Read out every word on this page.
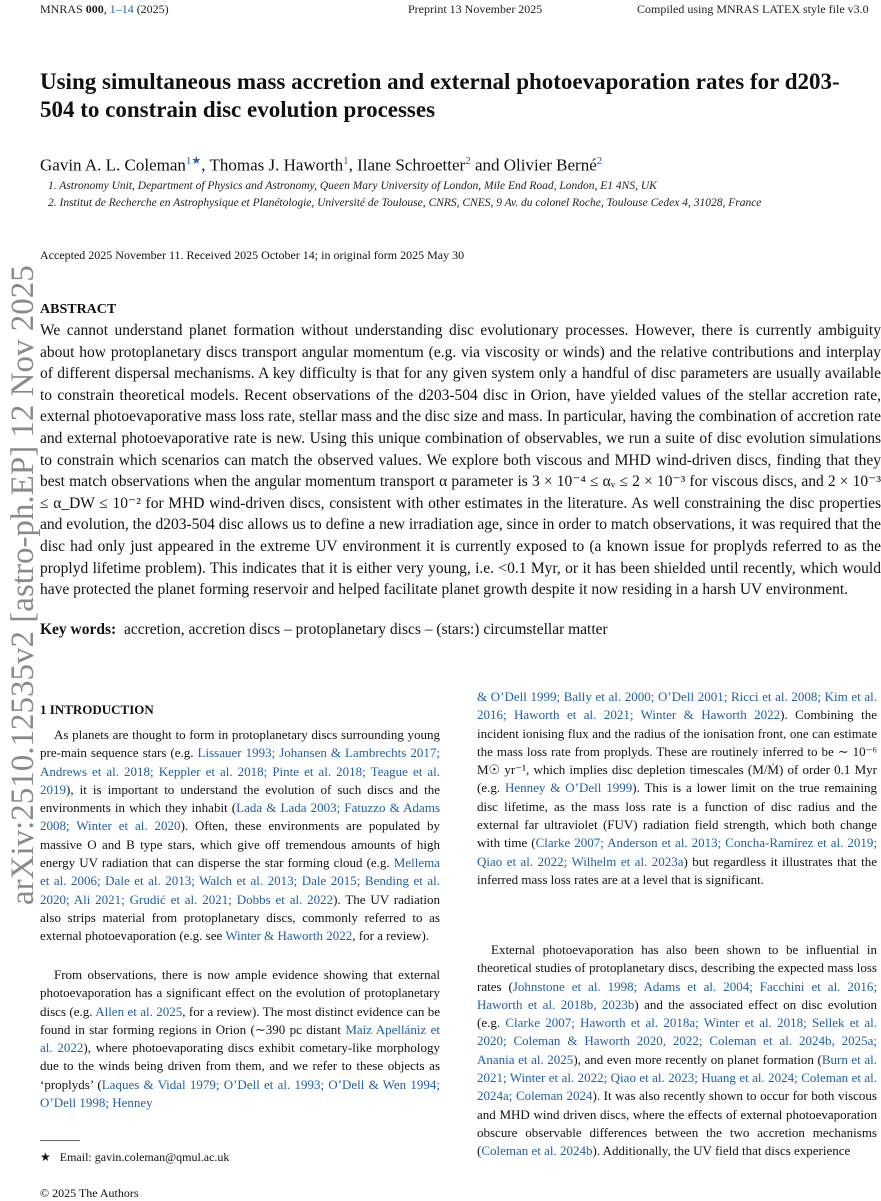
MNRAS 000, 1–14 (2025)	Preprint 13 November 2025	Compiled using MNRAS LATEX style file v3.0
arXiv:2510.12535v2 [astro-ph.EP] 12 Nov 2025
Using simultaneous mass accretion and external photoevaporation rates for d203-504 to constrain disc evolution processes
Gavin A. L. Coleman$^{1★}$, Thomas J. Haworth$^1$, Ilane Schroetter$^2$ and Olivier Berné$^2$
1. Astronomy Unit, Department of Physics and Astronomy, Queen Mary University of London, Mile End Road, London, E1 4NS, UK
2. Institut de Recherche en Astrophysique et Planétologie, Université de Toulouse, CNRS, CNES, 9 Av. du colonel Roche, Toulouse Cedex 4, 31028, France
Accepted 2025 November 11. Received 2025 October 14; in original form 2025 May 30
ABSTRACT

We cannot understand planet formation without understanding disc evolutionary processes. However, there is currently ambiguity about how protoplanetary discs transport angular momentum (e.g. via viscosity or winds) and the relative contributions and interplay of different dispersal mechanisms. A key difficulty is that for any given system only a handful of disc parameters are usually available to constrain theoretical models. Recent observations of the d203-504 disc in Orion, have yielded values of the stellar accretion rate, external photoevaporative mass loss rate, stellar mass and the disc size and mass. In particular, having the combination of accretion rate and external photoevaporative rate is new. Using this unique combination of observables, we run a suite of disc evolution simulations to constrain which scenarios can match the observed values. We explore both viscous and MHD wind-driven discs, finding that they best match observations when the angular momentum transport α parameter is 3 × 10⁻⁴ ≤ αᵥ ≤ 2 × 10⁻³ for viscous discs, and 2 × 10⁻³ ≤ α_DW ≤ 10⁻² for MHD wind-driven discs, consistent with other estimates in the literature. As well constraining the disc properties and evolution, the d203-504 disc allows us to define a new irradiation age, since in order to match observations, it was required that the disc had only just appeared in the extreme UV environment it is currently exposed to (a known issue for proplyds referred to as the proplyd lifetime problem). This indicates that it is either very young, i.e. <0.1 Myr, or it has been shielded until recently, which would have protected the planet forming reservoir and helped facilitate planet growth despite it now residing in a harsh UV environment.

Key words: accretion, accretion discs – protoplanetary discs – (stars:) circumstellar matter
1 INTRODUCTION

As planets are thought to form in protoplanetary discs surrounding young pre-main sequence stars (e.g. Lissauer 1993; Johansen & Lambrechts 2017; Andrews et al. 2018; Keppler et al. 2018; Pinte et al. 2018; Teague et al. 2019), it is important to understand the evolution of such discs and the environments in which they inhabit (Lada & Lada 2003; Fatuzzo & Adams 2008; Winter et al. 2020). Often, these environments are populated by massive O and B type stars, which give off tremendous amounts of high energy UV radiation that can disperse the star forming cloud (e.g. Mellema et al. 2006; Dale et al. 2013; Walch et al. 2013; Dale 2015; Bending et al. 2020; Ali 2021; Grudić et al. 2021; Dobbs et al. 2022). The UV radiation also strips material from protoplanetary discs, commonly referred to as external photoevaporation (e.g. see Winter & Haworth 2022, for a review).

From observations, there is now ample evidence showing that external photoevaporation has a significant effect on the evolution of protoplanetary discs (e.g. Allen et al. 2025, for a review). The most distinct evidence can be found in star forming regions in Orion (∼390 pc distant Maíz Apellániz et al. 2022), where photoevaporating discs exhibit cometary-like morphology due to the winds being driven from them, and we refer to these objects as ‘proplyds’ (Laques & Vidal 1979; O’Dell et al. 1993; O’Dell & Wen 1994; O’Dell 1998; Henney

& O’Dell 1999; Bally et al. 2000; O’Dell 2001; Ricci et al. 2008; Kim et al. 2016; Haworth et al. 2021; Winter & Haworth 2022). Combining the incident ionising flux and the radius of the ionisation front, one can estimate the mass loss rate from proplyds. These are routinely inferred to be ∼ 10⁻⁶ M☉ yr⁻¹, which implies disc depletion timescales (M/Ṁ) of order 0.1 Myr (e.g. Henney & O’Dell 1999). This is a lower limit on the true remaining disc lifetime, as the mass loss rate is a function of disc radius and the external far ultraviolet (FUV) radiation field strength, which both change with time (Clarke 2007; Anderson et al. 2013; Concha-Ramírez et al. 2019; Qiao et al. 2022; Wilhelm et al. 2023a) but regardless it illustrates that the inferred mass loss rates are at a level that is significant.

External photoevaporation has also been shown to be influential in theoretical studies of protoplanetary discs, describing the expected mass loss rates (Johnstone et al. 1998; Adams et al. 2004; Facchini et al. 2016; Haworth et al. 2018b, 2023b) and the associated effect on disc evolution (e.g. Clarke 2007; Haworth et al. 2018a; Winter et al. 2018; Sellek et al. 2020; Coleman & Haworth 2020, 2022; Coleman et al. 2024b, 2025a; Anania et al. 2025), and even more recently on planet formation (Burn et al. 2021; Winter et al. 2022; Qiao et al. 2023; Huang et al. 2024; Coleman et al. 2024a; Coleman 2024). It was also recently shown to occur for both viscous and MHD wind driven discs, where the effects of external photoevaporation obscure observable differences between the two accretion mechanisms (Coleman et al. 2024b). Additionally, the UV field that discs experience

★ Email: gavin.coleman@qmul.ac.uk
© 2025 The Authors
